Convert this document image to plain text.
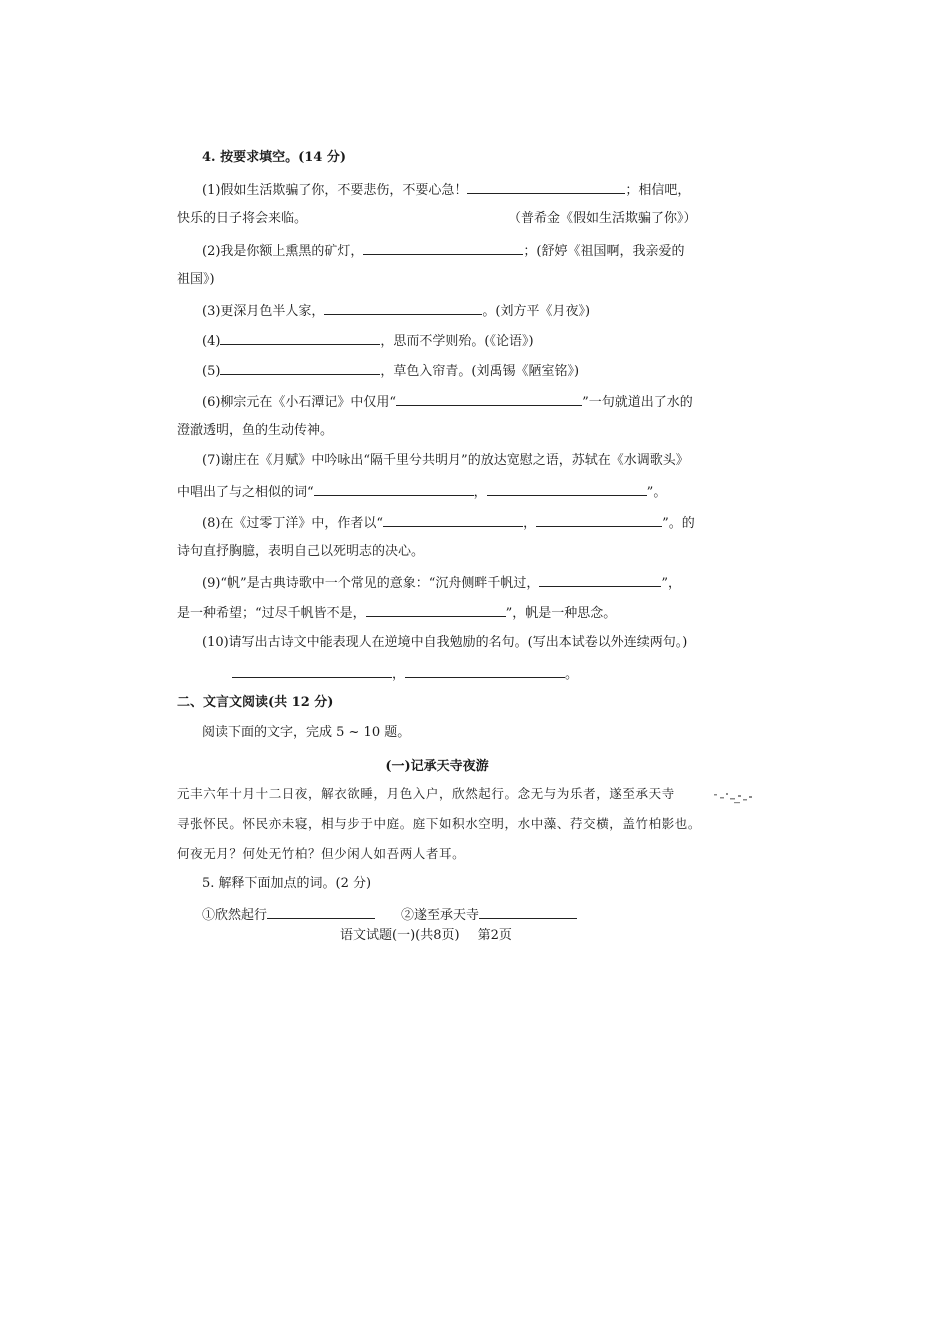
4. 按要求填空。(14 分)
(1)假如生活欺骗了你，不要悲伤，不要心急！	；相信吧，
快乐的日子将会来临。	（普希金《假如生活欺骗了你》）
(2)我是你额上熏黑的矿灯，	；(舒婷《祖国啊，我亲爱的
祖国》)
(3)更深月色半人家，	。(刘方平《月夜》)
(4)	，思而不学则殆。(《论语》)
(5)	，草色入帘青。(刘禹锡《陋室铭》)
(6)柳宗元在《小石潭记》中仅用“	”一句就道出了水的
澄澈透明，鱼的生动传神。
(7)谢庄在《月赋》中吟咏出“隔千里兮共明月”的放达宽慰之语，苏轼在《水调歌头》
中唱出了与之相似的词“	，	”。
(8)在《过零丁洋》中，作者以“	，	”。的
诗句直抒胸臆，表明自己以死明志的决心。
(9)“帆”是古典诗歌中一个常见的意象：“沉舟侧畔千帆过，	”，
是一种希望；“过尽千帆皆不是，	”，帆是一种思念。
(10)请写出古诗文中能表现人在逆境中自我勉励的名句。(写出本试卷以外连续两句。)
，	。
二、文言文阅读(共 12 分)
阅读下面的文字，完成 5 ~ 10 题。
(一)记承天寺夜游
元丰六年十月十二日夜，解衣欲睡，月色入户，欣然起行。念无与为乐者，遂至承天寺
寻张怀民。怀民亦未寝，相与步于中庭。庭下如积水空明，水中藻、荇交横，盖竹柏影也。
何夜无月？何处无竹柏？但少闲人如吾两人者耳。
5. 解释下面加点的词。(2 分)
①欣然起行	②遂至承天寺
语文试题(一)(共8页) 第2页
